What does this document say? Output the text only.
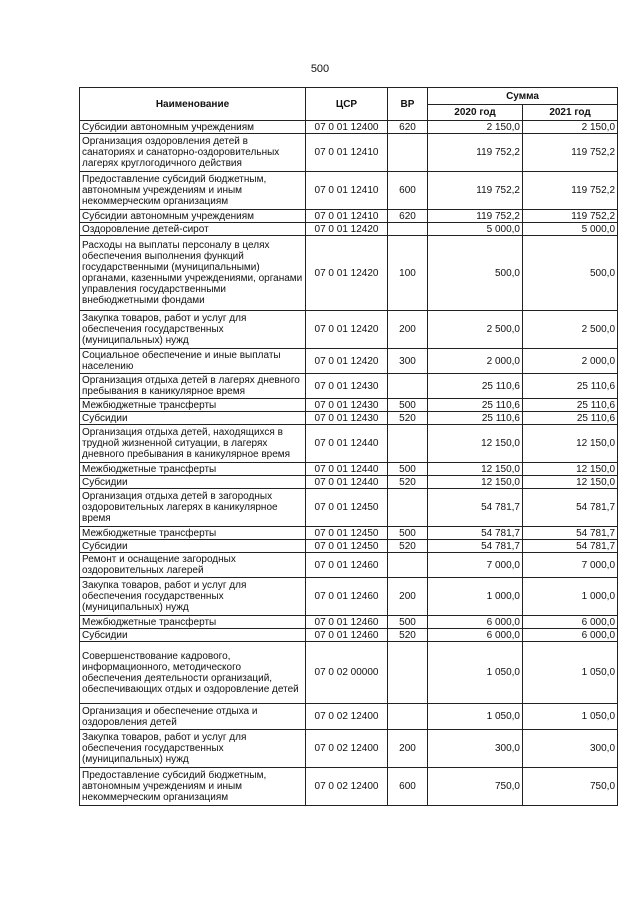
500
Наименование	ЦСР	ВР	Сумма	
			2020 год	2021 год
Субсидии автономным учреждениям	07 0 01 12400	620	2 150,0	2 150,0
Организация оздоровления детей в санаториях и санаторно-оздоровительных лагерях круглогодичного действия	07 0 01 12410		119 752,2	119 752,2
Предоставление субсидий бюджетным, автономным учреждениям и иным некоммерческим организациям	07 0 01 12410	600	119 752,2	119 752,2
Субсидии автономным учреждениям	07 0 01 12410	620	119 752,2	119 752,2
Оздоровление детей-сирот	07 0 01 12420		5 000,0	5 000,0
Расходы на выплаты персоналу в целях обеспечения выполнения функций государственными (муниципальными) органами, казенными учреждениями, органами управления государственными внебюджетными фондами	07 0 01 12420	100	500,0	500,0
Закупка товаров, работ и услуг для обеспечения государственных (муниципальных) нужд	07 0 01 12420	200	2 500,0	2 500,0
Социальное обеспечение и иные выплаты населению	07 0 01 12420	300	2 000,0	2 000,0
Организация отдыха детей в лагерях дневного пребывания в каникулярное время	07 0 01 12430		25 110,6	25 110,6
Межбюджетные трансферты	07 0 01 12430	500	25 110,6	25 110,6
Субсидии	07 0 01 12430	520	25 110,6	25 110,6
Организация отдыха детей, находящихся в трудной жизненной ситуации, в лагерях дневного пребывания в каникулярное время	07 0 01 12440		12 150,0	12 150,0
Межбюджетные трансферты	07 0 01 12440	500	12 150,0	12 150,0
Субсидии	07 0 01 12440	520	12 150,0	12 150,0
Организация отдыха детей в загородных оздоровительных лагерях в каникулярное время	07 0 01 12450		54 781,7	54 781,7
Межбюджетные трансферты	07 0 01 12450	500	54 781,7	54 781,7
Субсидии	07 0 01 12450	520	54 781,7	54 781,7
Ремонт и оснащение загородных оздоровительных лагерей	07 0 01 12460		7 000,0	7 000,0
Закупка товаров, работ и услуг для обеспечения государственных (муниципальных) нужд	07 0 01 12460	200	1 000,0	1 000,0
Межбюджетные трансферты	07 0 01 12460	500	6 000,0	6 000,0
Субсидии	07 0 01 12460	520	6 000,0	6 000,0
Совершенствование кадрового, информационного, методического обеспечения деятельности организаций, обеспечивающих отдых и оздоровление детей	07 0 02 00000		1 050,0	1 050,0
Организация и обеспечение отдыха и оздоровления детей	07 0 02 12400		1 050,0	1 050,0
Закупка товаров, работ и услуг для обеспечения государственных (муниципальных) нужд	07 0 02 12400	200	300,0	300,0
Предоставление субсидий бюджетным, автономным учреждениям и иным некоммерческим организациям	07 0 02 12400	600	750,0	750,0
